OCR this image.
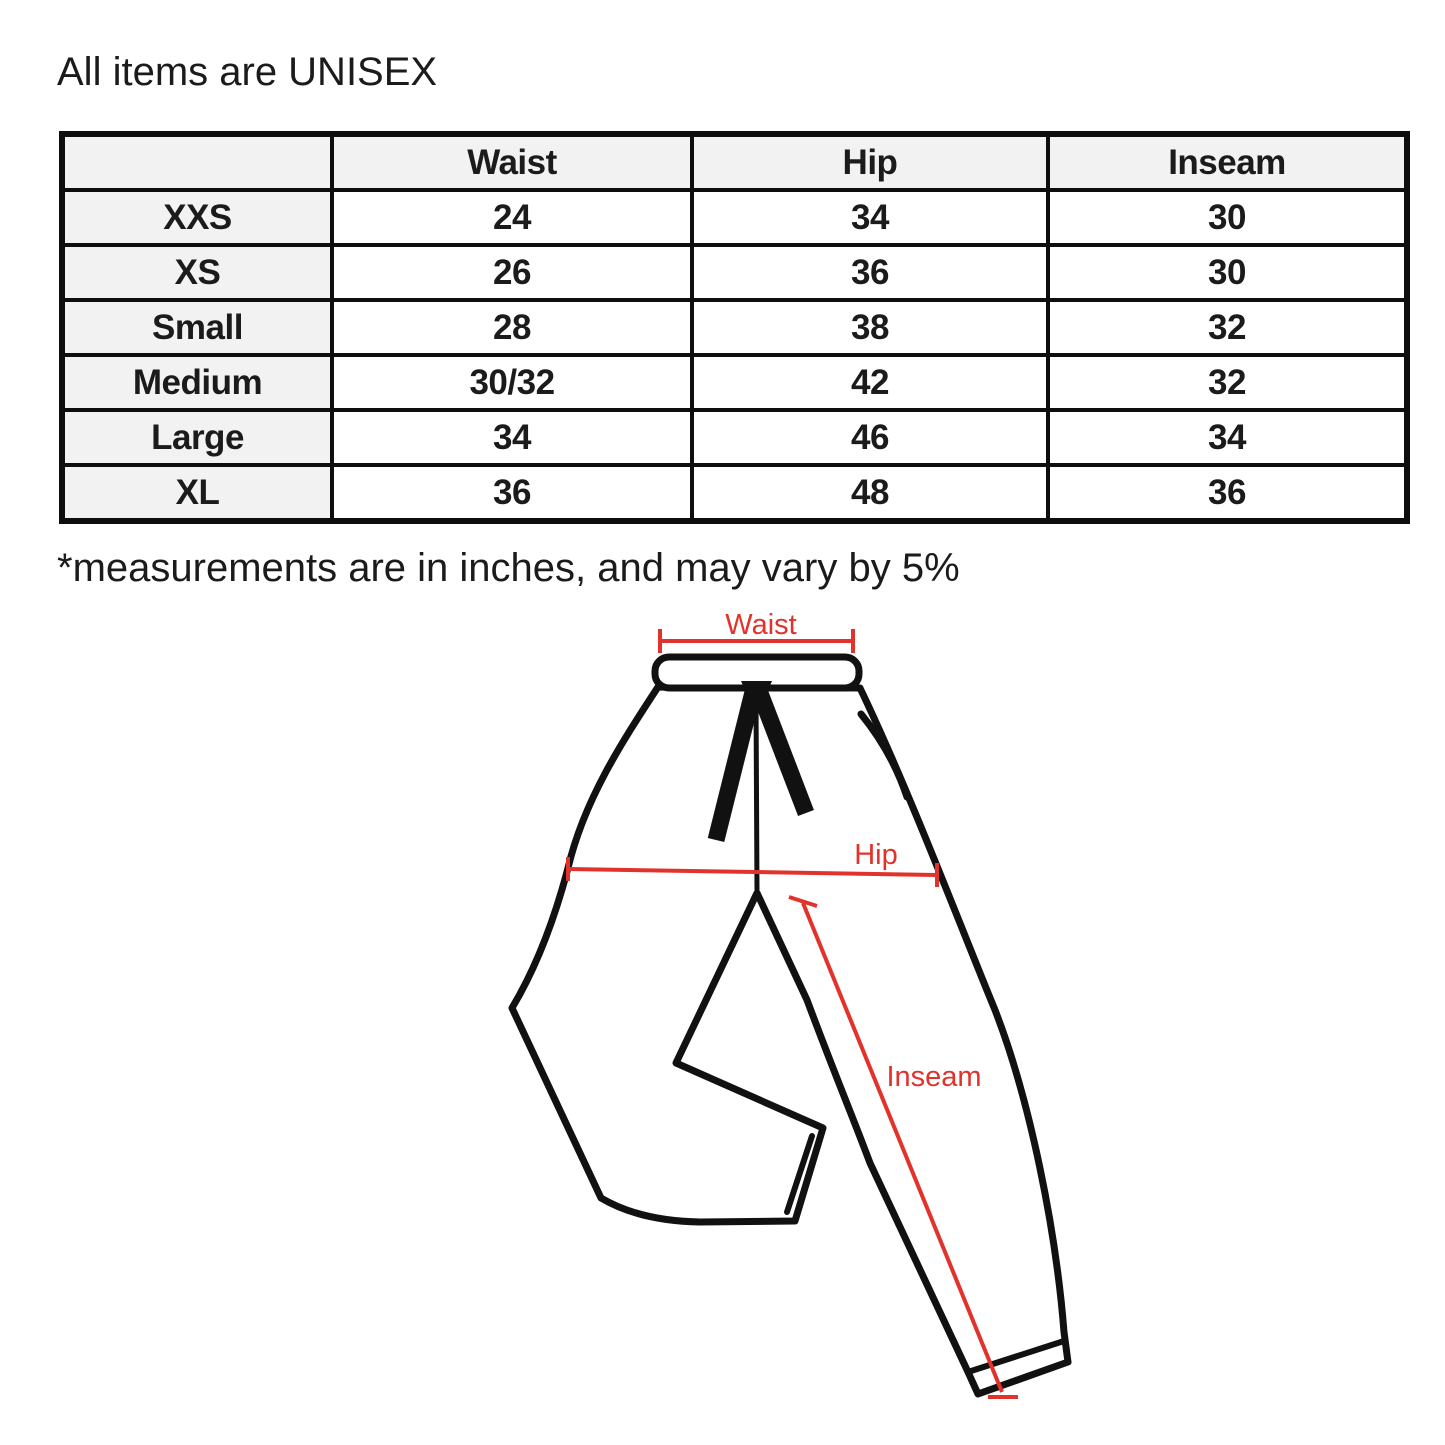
All items are UNISEX
	Waist	Hip	Inseam
XXS	24	34	30
XS	26	36	30
Small	28	38	32
Medium	30/32	42	32
Large	34	46	34
XL	36	48	36
*measurements are in inches, and may vary by 5%
Waist
Hip
Inseam
